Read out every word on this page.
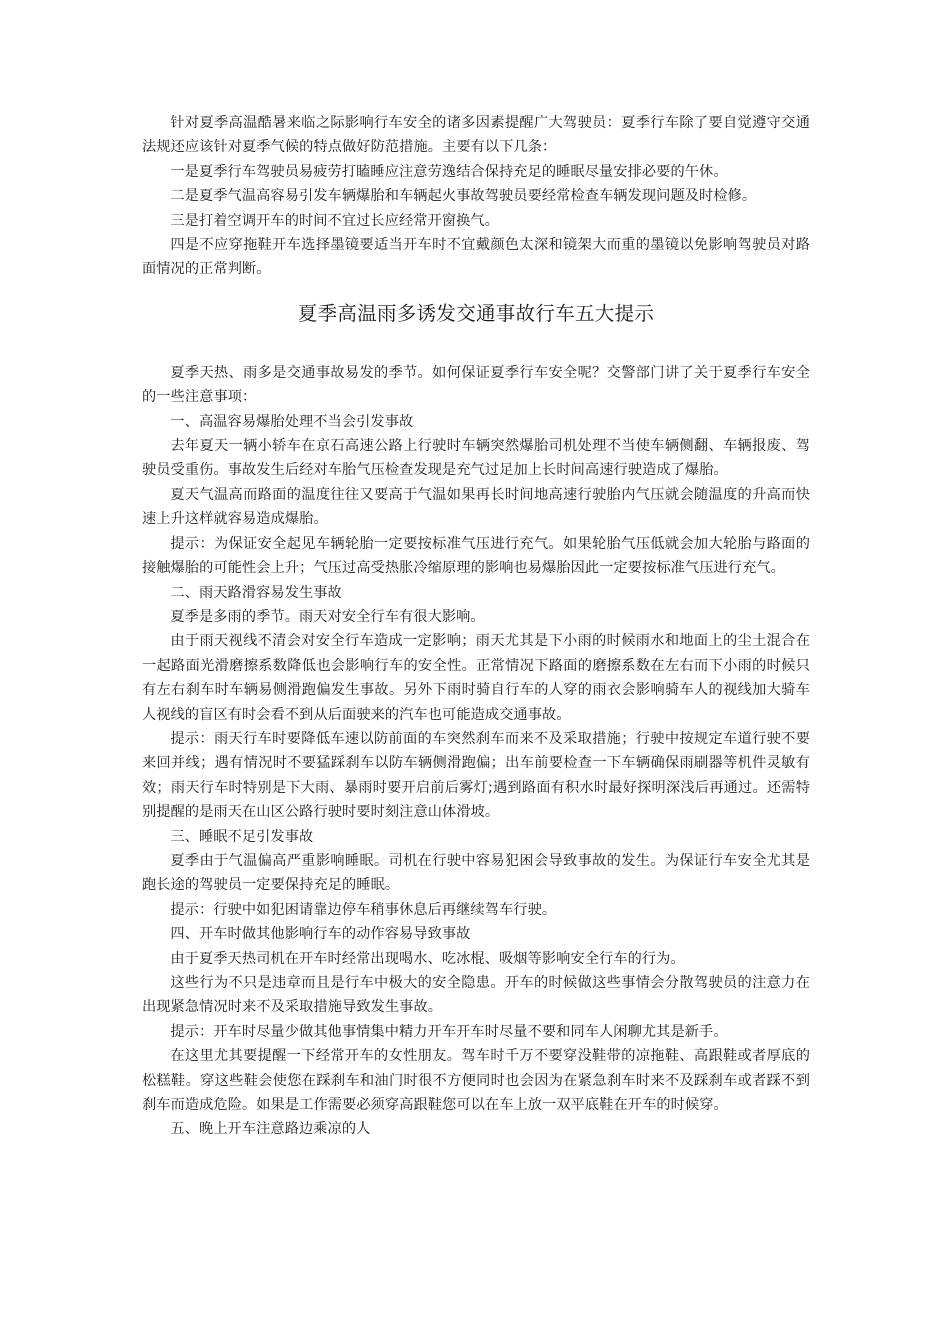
针对夏季高温酷暑来临之际影响行车安全的诸多因素提醒广大驾驶员：夏季行车除了要自觉遵守交通法规还应该针对夏季气候的特点做好防范措施。主要有以下几条：

一是夏季行车驾驶员易疲劳打瞌睡应注意劳逸结合保持充足的睡眠尽量安排必要的午休。

二是夏季气温高容易引发车辆爆胎和车辆起火事故驾驶员要经常检查车辆发现问题及时检修。

三是打着空调开车的时间不宜过长应经常开窗换气。

四是不应穿拖鞋开车选择墨镜要适当开车时不宜戴颜色太深和镜架大而重的墨镜以免影响驾驶员对路面情况的正常判断。

夏季高温雨多诱发交通事故行车五大提示

夏季天热、雨多是交通事故易发的季节。如何保证夏季行车安全呢？交警部门讲了关于夏季行车安全的一些注意事项：

一、高温容易爆胎处理不当会引发事故

去年夏天一辆小轿车在京石高速公路上行驶时车辆突然爆胎司机处理不当使车辆侧翻、车辆报废、驾驶员受重伤。事故发生后经对车胎气压检查发现是充气过足加上长时间高速行驶造成了爆胎。

夏天气温高而路面的温度往往又要高于气温如果再长时间地高速行驶胎内气压就会随温度的升高而快速上升这样就容易造成爆胎。

提示：为保证安全起见车辆轮胎一定要按标准气压进行充气。如果轮胎气压低就会加大轮胎与路面的接触爆胎的可能性会上升；气压过高受热胀冷缩原理的影响也易爆胎因此一定要按标准气压进行充气。

二、雨天路滑容易发生事故

夏季是多雨的季节。雨天对安全行车有很大影响。

由于雨天视线不清会对安全行车造成一定影响；雨天尤其是下小雨的时候雨水和地面上的尘土混合在一起路面光滑磨擦系数降低也会影响行车的安全性。正常情况下路面的磨擦系数在左右而下小雨的时候只有左右刹车时车辆易侧滑跑偏发生事故。另外下雨时骑自行车的人穿的雨衣会影响骑车人的视线加大骑车人视线的盲区有时会看不到从后面驶来的汽车也可能造成交通事故。

提示：雨天行车时要降低车速以防前面的车突然刹车而来不及采取措施；行驶中按规定车道行驶不要来回并线；遇有情况时不要猛踩刹车以防车辆侧滑跑偏；出车前要检查一下车辆确保雨刷器等机件灵敏有效；雨天行车时特别是下大雨、暴雨时要开启前后雾灯;遇到路面有积水时最好探明深浅后再通过。还需特别提醒的是雨天在山区公路行驶时要时刻注意山体滑坡。

三、睡眠不足引发事故

夏季由于气温偏高严重影响睡眠。司机在行驶中容易犯困会导致事故的发生。为保证行车安全尤其是跑长途的驾驶员一定要保持充足的睡眠。

提示：行驶中如犯困请靠边停车稍事休息后再继续驾车行驶。

四、开车时做其他影响行车的动作容易导致事故

由于夏季天热司机在开车时经常出现喝水、吃冰棍、吸烟等影响安全行车的行为。

这些行为不只是违章而且是行车中极大的安全隐患。开车的时候做这些事情会分散驾驶员的注意力在出现紧急情况时来不及采取措施导致发生事故。

提示：开车时尽量少做其他事情集中精力开车开车时尽量不要和同车人闲聊尤其是新手。

在这里尤其要提醒一下经常开车的女性朋友。驾车时千万不要穿没鞋带的凉拖鞋、高跟鞋或者厚底的松糕鞋。穿这些鞋会使您在踩刹车和油门时很不方便同时也会因为在紧急刹车时来不及踩刹车或者踩不到刹车而造成危险。如果是工作需要必须穿高跟鞋您可以在车上放一双平底鞋在开车的时候穿。

五、晚上开车注意路边乘凉的人
